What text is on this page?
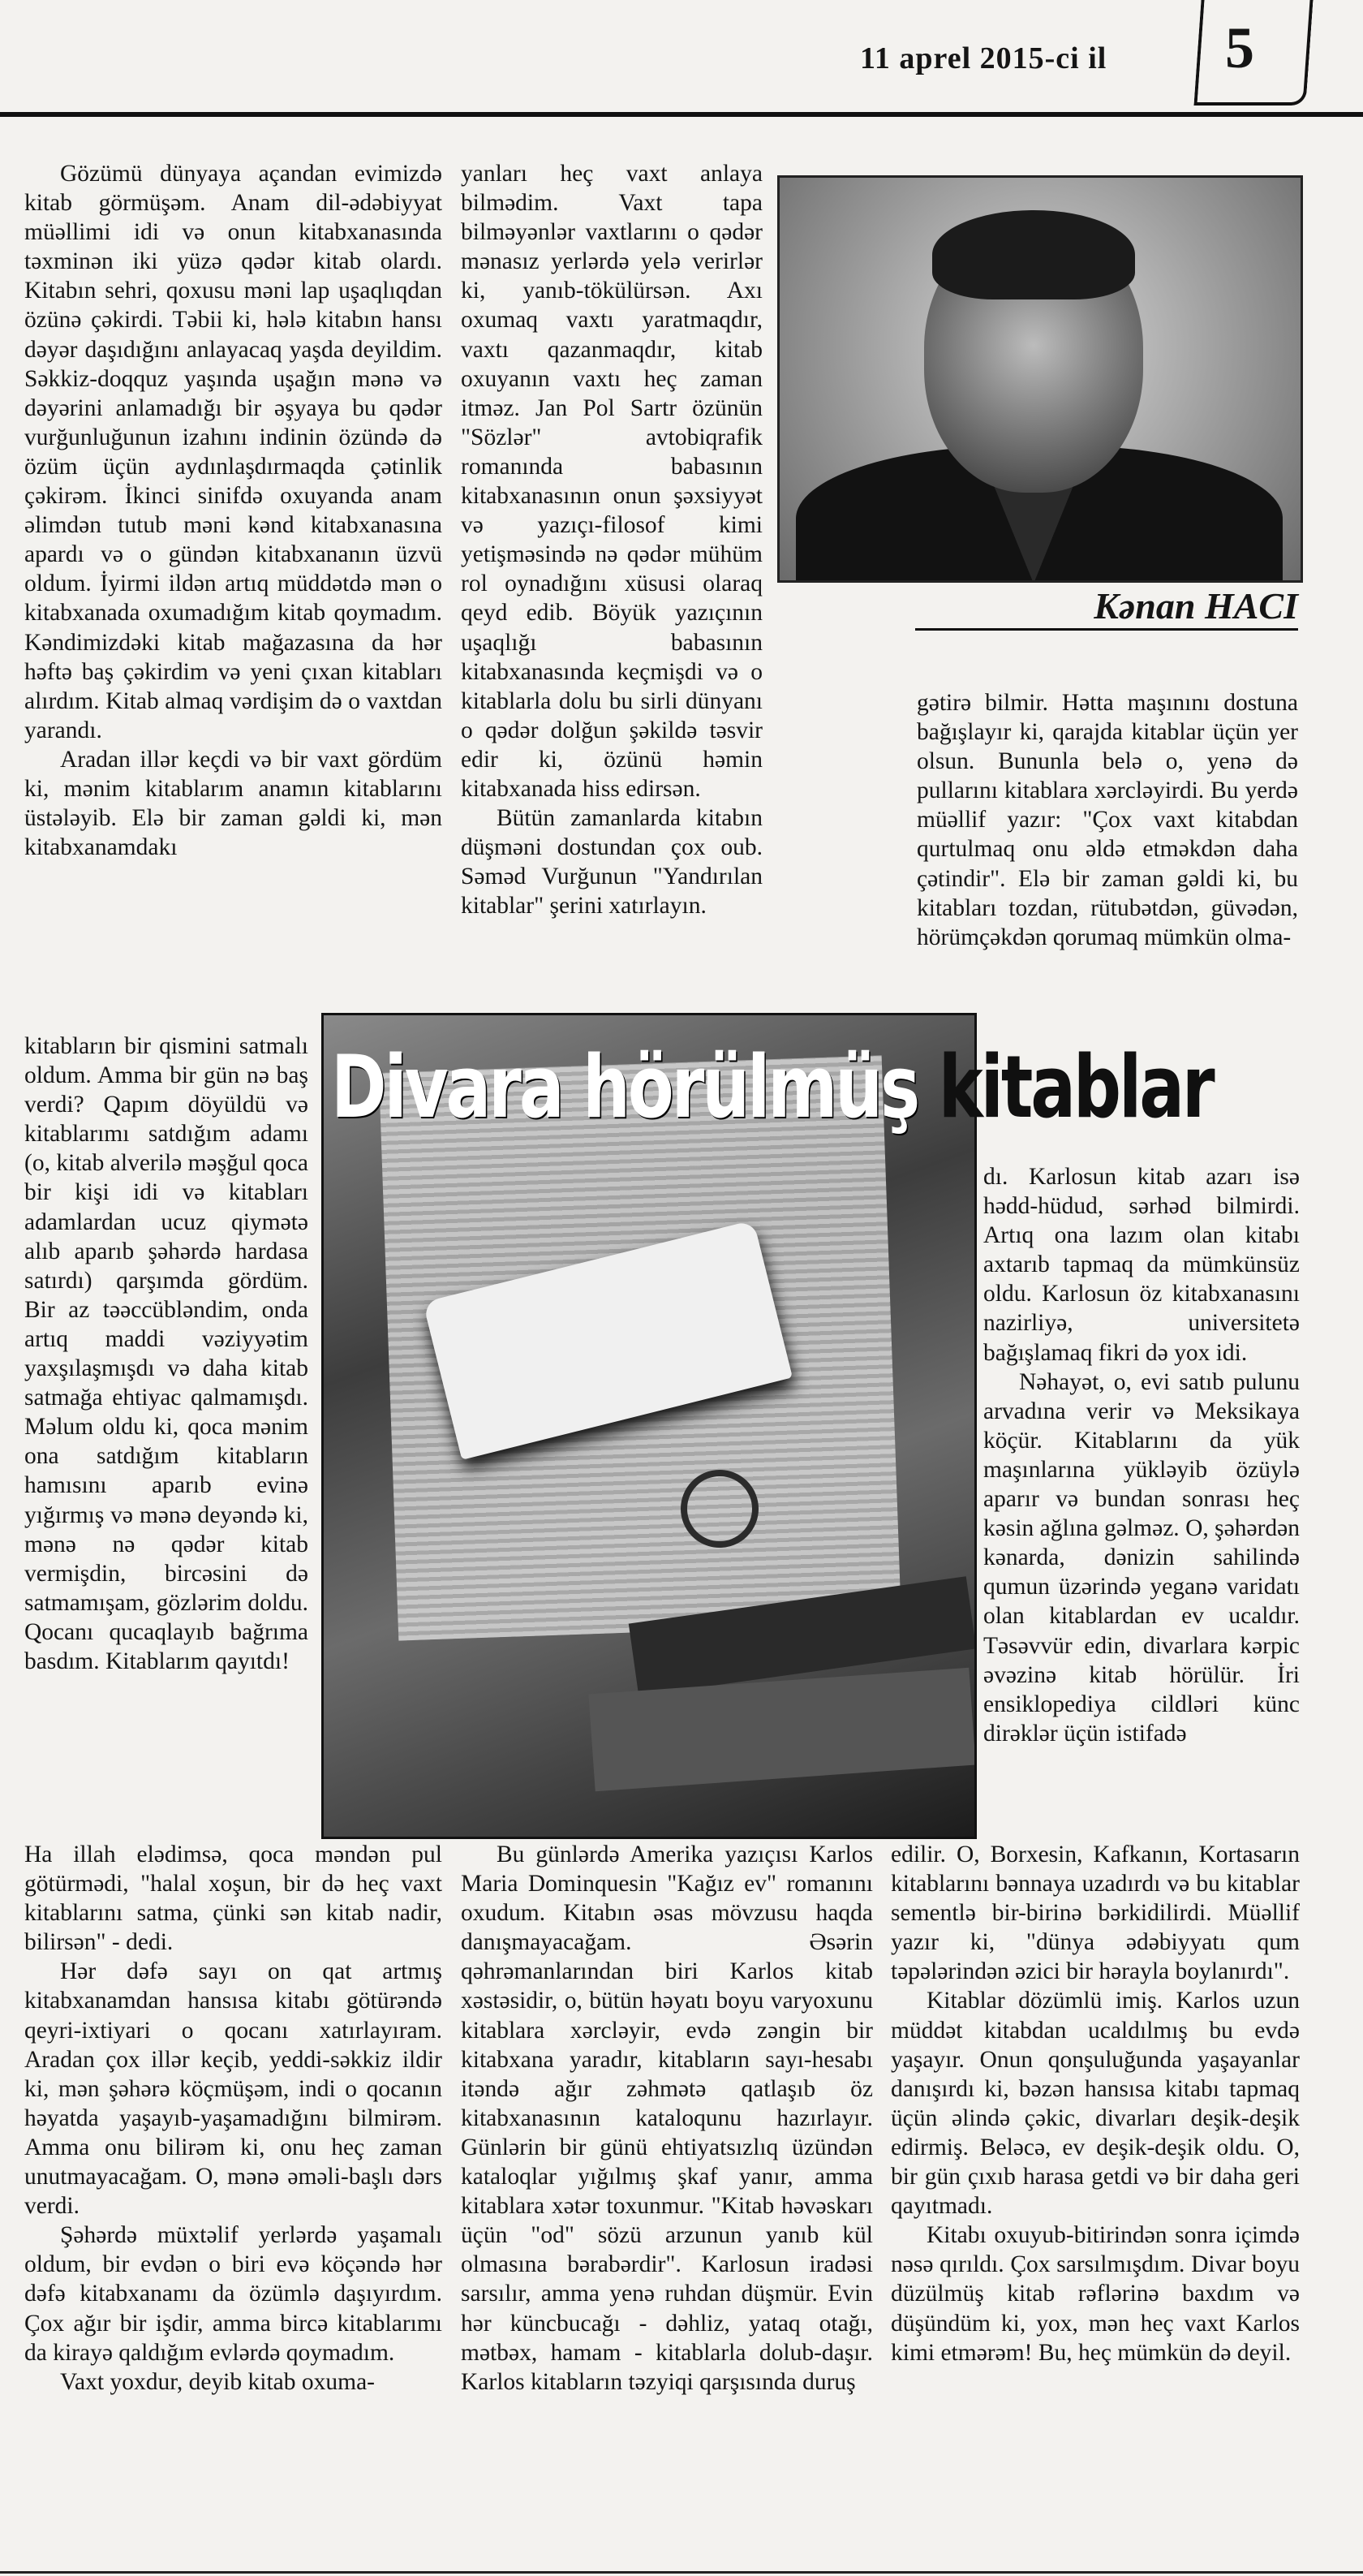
11 aprel 2015-ci il 5

Gözümü dünyaya açandan evimizdə kitab görmüşəm. Anam dil-ədəbiyyat müəllimi idi və onun kitabxanasında təxminən iki yüzə qədər kitab olardı. Kitabın sehri, qoxusu məni lap uşaqlıqdan özünə çəkirdi. Təbii ki, hələ kitabın hansı dəyər daşıdığını anlayacaq yaşda deyildim. Səkkiz-doqquz yaşında uşağın mənə və dəyərini anlamadığı bir əşyaya bu qədər vurğunluğunun izahını indinin özündə də özüm üçün aydınlaşdırmaqda çətinlik çəkirəm. İkinci sinifdə oxuyanda anam əlimdən tutub məni kənd kitabxanasına apardı və o gündən kitabxananın üzvü oldum. İyirmi ildən artıq müddətdə mən o kitabxanada oxumadığım kitab qoymadım. Kəndimizdəki kitab mağazasına da hər həftə baş çəkirdim və yeni çıxan kitabları alırdım. Kitab almaq vərdişim də o vaxtdan yarandı.

Aradan illər keçdi və bir vaxt gördüm ki, mənim kitablarım anamın kitablarını üstələyib. Elə bir zaman gəldi ki, mən kitabxanamdakı

kitabların bir qismini satmalı oldum. Amma bir gün nə baş verdi? Qapım döyüldü və kitablarımı satdığım adamı (o, kitab alverilə məşğul qoca bir kişi idi və kitabları adamlardan ucuz qiymətə alıb aparıb şəhərdə hardasa satırdı) qarşımda gördüm. Bir az təəccübləndim, onda artıq maddi vəziyyətim yaxşılaşmışdı və daha kitab satmağa ehtiyac qalmamışdı. Məlum oldu ki, qoca mənim ona satdığım kitabların hamısını aparıb evinə yığırmış və mənə deyəndə ki, mənə nə qədər kitab vermişdin, bircəsini də satmamışam, gözlərim doldu. Qocanı qucaqlayıb bağrıma basdım. Kitablarım qayıtdı!

Ha illah elədimsə, qoca məndən pul götürmədi, "halal xoşun, bir də heç vaxt kitablarını satma, çünki sən kitab nadir, bilirsən" - dedi.

Hər dəfə sayı on qat artmış kitabxanamdan hansısa kitabı götürəndə qeyri-ixtiyari o qocanı xatırlayıram. Aradan çox illər keçib, yeddi-səkkiz ildir ki, mən şəhərə köçmüşəm, indi o qocanın həyatda yaşayıb-yaşamadığını bilmirəm. Amma onu bilirəm ki, onu heç zaman unutmayacağam. O, mənə əməli-başlı dərs verdi.

Şəhərdə müxtəlif yerlərdə yaşamalı oldum, bir evdən o biri evə köçəndə hər dəfə kitabxanamı da özümlə daşıyırdım. Çox ağır bir işdir, amma bircə kitablarımı da kirayə qaldığım evlərdə qoymadım.

Vaxt yoxdur, deyib kitab oxuma-

yanları heç vaxt anlaya bilmədim. Vaxt tapa bilməyənlər vaxtlarını o qədər mənasız yerlərdə yelə verirlər ki, yanıb-tökülürsən. Axı oxumaq vaxtı yaratmaqdır, vaxtı qazanmaqdır, kitab oxuyanın vaxtı heç zaman itməz. Jan Pol Sartr özünün "Sözlər" avtobiqrafik romanında babasının kitabxanasının onun şəxsiyyət və yazıçı-filosof kimi yetişməsində nə qədər mühüm rol oynadığını xüsusi olaraq qeyd edib. Böyük yazıçının uşaqlığı babasının kitabxanasında keçmişdi və o kitablarla dolu bu sirli dünyanı o qədər dolğun şəkildə təsvir edir ki, özünü həmin kitabxanada hiss edirsən.

Bütün zamanlarda kitabın düşməni dostundan çox oub. Səməd Vurğunun "Yandırılan kitablar" şerini xatırlayın.

Bu günlərdə Amerika yazıçısı Karlos Maria Dominquesin "Kağız ev" romanını oxudum. Kitabın əsas mövzusu haqda danışmayacağam. Əsərin qəhrəmanlarından biri Karlos kitab xəstəsidir, o, bütün həyatı boyu varyoxunu kitablara xərcləyir, evdə zəngin bir kitabxana yaradır, kitabların sayı-hesabı itəndə ağır zəhmətə qatlaşıb öz kitabxanasının kataloqunu hazırlayır. Günlərin bir günü ehtiyatsızlıq üzündən kataloqlar yığılmış şkaf yanır, amma kitablara xətər toxunmur. "Kitab həvəskarı üçün "od" sözü arzunun yanıb kül olmasına bərabərdir". Karlosun iradəsi sarsılır, amma yenə ruhdan düşmür. Evin hər küncbucağı - dəhliz, yataq otağı, mətbəx, hamam - kitablarla dolub-daşır. Karlos kitabların təzyiqi qarşısında duruş

Kənan HACI

gətirə bilmir. Hətta maşınını dostuna bağışlayır ki, qarajda kitablar üçün yer olsun. Bununla belə o, yenə də pullarını kitablara xərcləyirdi. Bu yerdə müəllif yazır: "Çox vaxt kitabdan qurtulmaq onu əldə etməkdən daha çətindir". Elə bir zaman gəldi ki, bu kitabları tozdan, rütubətdən, güvədən, hörümçəkdən qorumaq mümkün olma-

dı. Karlosun kitab azarı isə hədd-hüdud, sərhəd bilmirdi. Artıq ona lazım olan kitabı axtarıb tapmaq da mümkünsüz oldu. Karlosun öz kitabxanasını nazirliyə, universitetə bağışlamaq fikri də yox idi.

Nəhayət, o, evi satıb pulunu arvadına verir və Meksikaya köçür. Kitablarını da yük maşınlarına yükləyib özüylə aparır və bundan sonrası heç kəsin ağlına gəlməz. O, şəhərdən kənarda, dənizin sahilində qumun üzərində yeganə varidatı olan kitablardan ev ucaldır. Təsəvvür edin, divarlara kərpic əvəzinə kitab hörülür. İri ensiklopediya cildləri künc dirəklər üçün istifadə

edilir. O, Borxesin, Kafkanın, Kortasarın kitablarını bənnaya uzadırdı və bu kitablar sementlə bir-birinə bərkidilirdi. Müəllif yazır ki, "dünya ədəbiyyatı qum təpələrindən əzici bir hərayla boylanırdı".

Kitablar dözümlü imiş. Karlos uzun müddət kitabdan ucaldılmış bu evdə yaşayır. Onun qonşuluğunda yaşayanlar danışırdı ki, bəzən hansısa kitabı tapmaq üçün əlində çəkic, divarları deşik-deşik edirmiş. Beləcə, ev deşik-deşik oldu. O, bir gün çıxıb harasa getdi və bir daha geri qayıtmadı.

Kitabı oxuyub-bitirindən sonra içimdə nəsə qırıldı. Çox sarsılmışdım. Divar boyu düzülmüş kitab rəflərinə baxdım və düşündüm ki, yox, mən heç vaxt Karlos kimi etmərəm! Bu, heç mümkün də deyil.

Divara hörülmüş kitablar
